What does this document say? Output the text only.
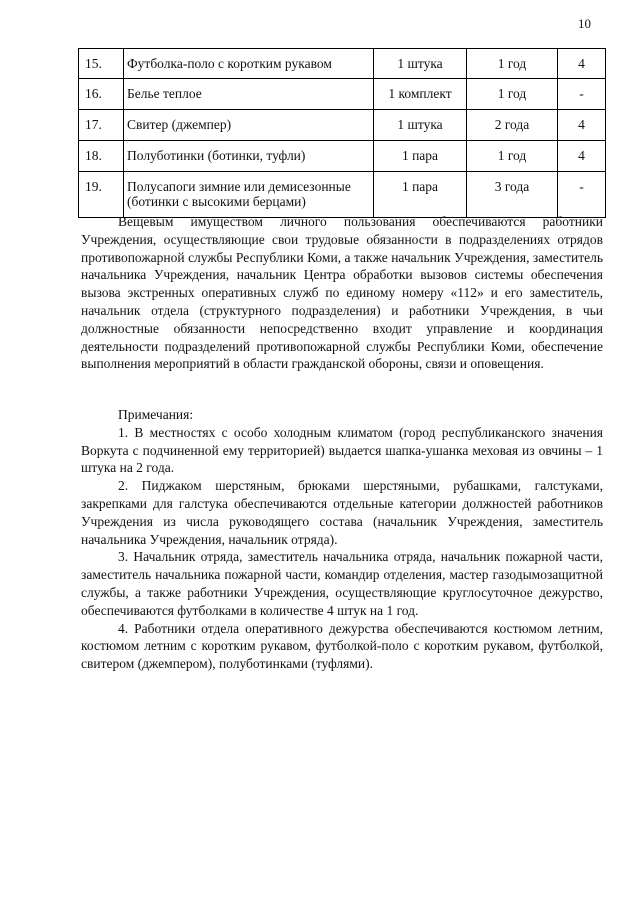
10
15.	Футболка-поло с коротким рукавом	1 штука	1 год	4
16.	Белье теплое	1 комплект	1 год	-
17.	Свитер (джемпер)	1 штука	2 года	4
18.	Полуботинки (ботинки, туфли)	1 пара	1 год	4
19.	Полусапоги зимние или демисезонные (ботинки с высокими берцами)	1 пара	3 года	-

Вещевым имуществом личного пользования обеспечиваются работники Учреждения, осуществляющие свои трудовые обязанности в подразделениях отрядов противопожарной службы Республики Коми, а также начальник Учреждения, заместитель начальника Учреждения, начальник Центра обработки вызовов системы обеспечения вызова экстренных оперативных служб по единому номеру «112» и его заместитель, начальник отдела (структурного подразделения) и работники Учреждения, в чьи должностные обязанности непосредственно входит управление и координация деятельности подразделений противопожарной службы Республики Коми, обеспечение выполнения мероприятий в области гражданской обороны, связи и оповещения.

Примечания:

1. В местностях с особо холодным климатом (город республиканского значения Воркута с подчиненной ему территорией) выдается шапка-ушанка меховая из овчины – 1 штука на 2 года.

2. Пиджаком шерстяным, брюками шерстяными, рубашками, галстуками, закрепками для галстука обеспечиваются отдельные категории должностей работников Учреждения из числа руководящего состава (начальник Учреждения, заместитель начальника Учреждения, начальник отряда).

3. Начальник отряда, заместитель начальника отряда, начальник пожарной части, заместитель начальника пожарной части, командир отделения, мастер газодымозащитной службы, а также работники Учреждения, осуществляющие круглосуточное дежурство, обеспечиваются футболками в количестве 4 штук на 1 год.

4. Работники отдела оперативного дежурства обеспечиваются костюмом летним, костюмом летним с коротким рукавом, футболкой-поло с коротким рукавом, футболкой, свитером (джемпером), полуботинками (туфлями).
